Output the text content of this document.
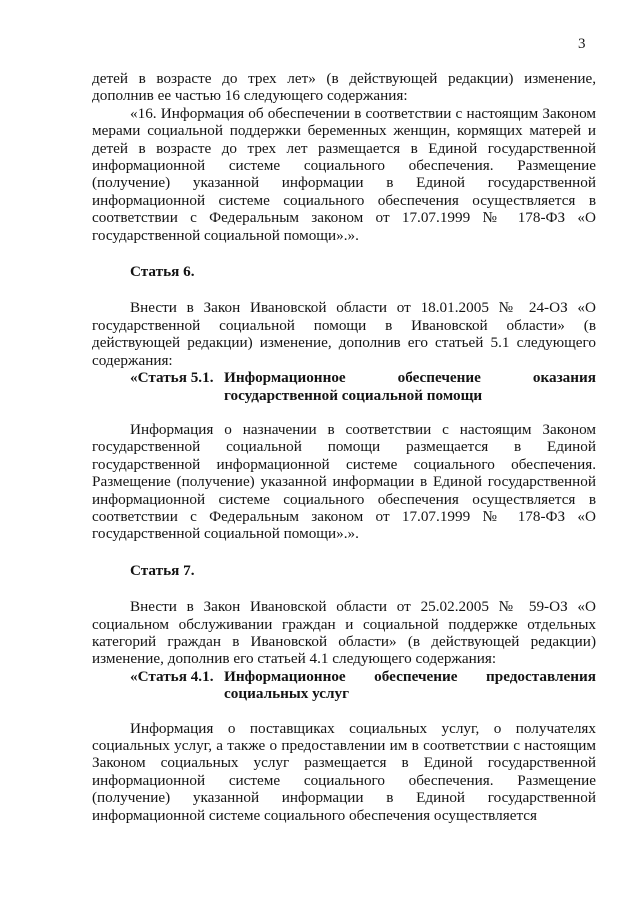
3

детей в возрасте до трех лет» (в действующей редакции) изменение, дополнив ее частью 16 следующего содержания:

«16. Информация об обеспечении в соответствии с настоящим Законом мерами социальной поддержки беременных женщин, кормящих матерей и детей в возрасте до трех лет размещается в Единой государственной информационной системе социального обеспечения. Размещение (получение) указанной информации в Единой государственной информационной системе социального обеспечения осуществляется в соответствии с Федеральным законом от 17.07.1999 № 178-ФЗ «О государственной социальной помощи».».

Статья 6.

Внести в Закон Ивановской области от 18.01.2005 № 24-ОЗ «О государственной социальной помощи в Ивановской области» (в действующей редакции) изменение, дополнив его статьей 5.1 следующего содержания:

«Статья 5.1. Информационное обеспечение оказания государственной социальной помощи

Информация о назначении в соответствии с настоящим Законом государственной социальной помощи размещается в Единой государственной информационной системе социального обеспечения. Размещение (получение) указанной информации в Единой государственной информационной системе социального обеспечения осуществляется в соответствии с Федеральным законом от 17.07.1999 № 178-ФЗ «О государственной социальной помощи».».

Статья 7.

Внести в Закон Ивановской области от 25.02.2005 № 59-ОЗ «О социальном обслуживании граждан и социальной поддержке отдельных категорий граждан в Ивановской области» (в действующей редакции) изменение, дополнив его статьей 4.1 следующего содержания:

«Статья 4.1. Информационное обеспечение предоставления социальных услуг

Информация о поставщиках социальных услуг, о получателях социальных услуг, а также о предоставлении им в соответствии с настоящим Законом социальных услуг размещается в Единой государственной информационной системе социального обеспечения. Размещение (получение) указанной информации в Единой государственной информационной системе социального обеспечения осуществляется
